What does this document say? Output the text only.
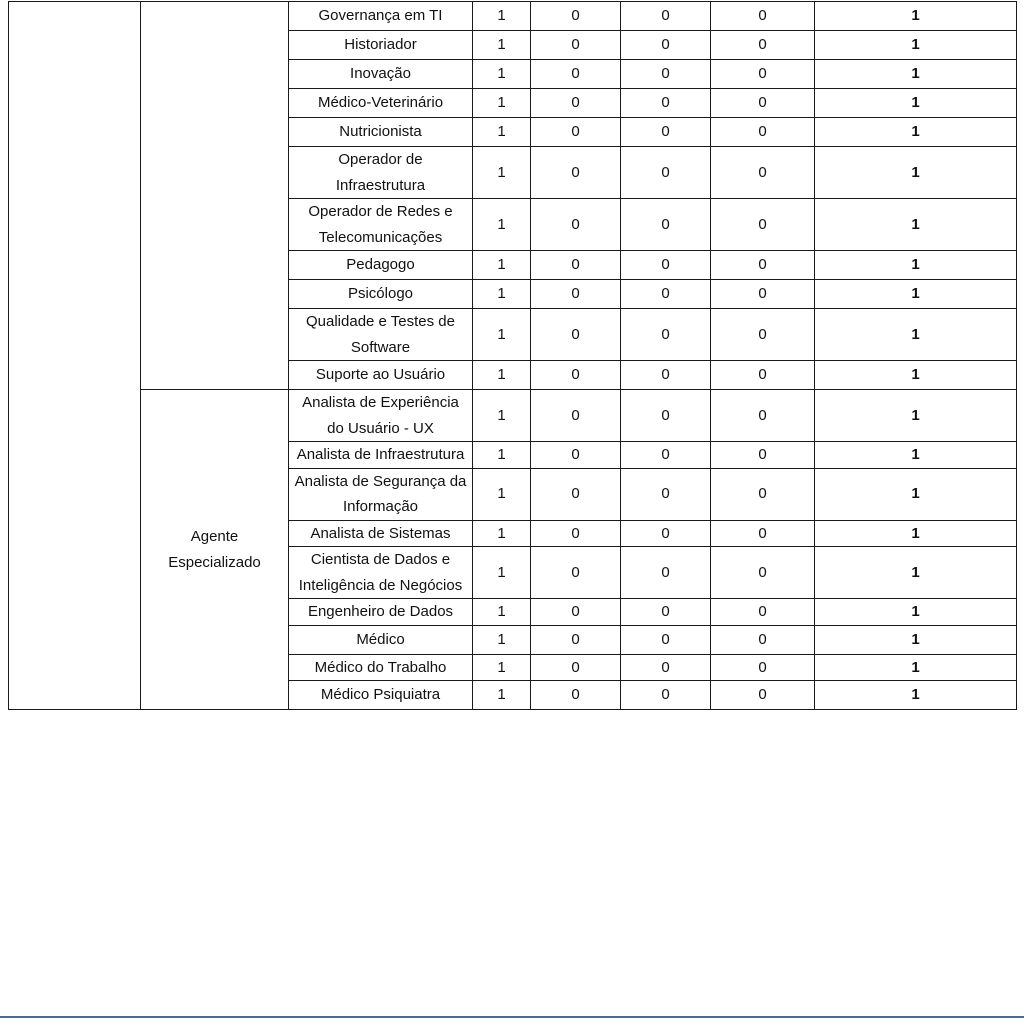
		Governança em TI	1	0	0	0	1
		Historiador	1	0	0	0	1
		Inovação	1	0	0	0	1
		Médico-Veterinário	1	0	0	0	1
		Nutricionista	1	0	0	0	1
		Operador de Infraestrutura	1	0	0	0	1
		Operador de Redes e Telecomunicações	1	0	0	0	1
		Pedagogo	1	0	0	0	1
		Psicólogo	1	0	0	0	1
		Qualidade e Testes de Software	1	0	0	0	1
		Suporte ao Usuário	1	0	0	0	1
	Agente Especializado	Analista de Experiência do Usuário - UX	1	0	0	0	1
		Analista de Infraestrutura	1	0	0	0	1
		Analista de Segurança da Informação	1	0	0	0	1
		Analista de Sistemas	1	0	0	0	1
		Cientista de Dados e Inteligência de Negócios	1	0	0	0	1
		Engenheiro de Dados	1	0	0	0	1
		Médico	1	0	0	0	1
		Médico do Trabalho	1	0	0	0	1
		Médico Psiquiatra	1	0	0	0	1
